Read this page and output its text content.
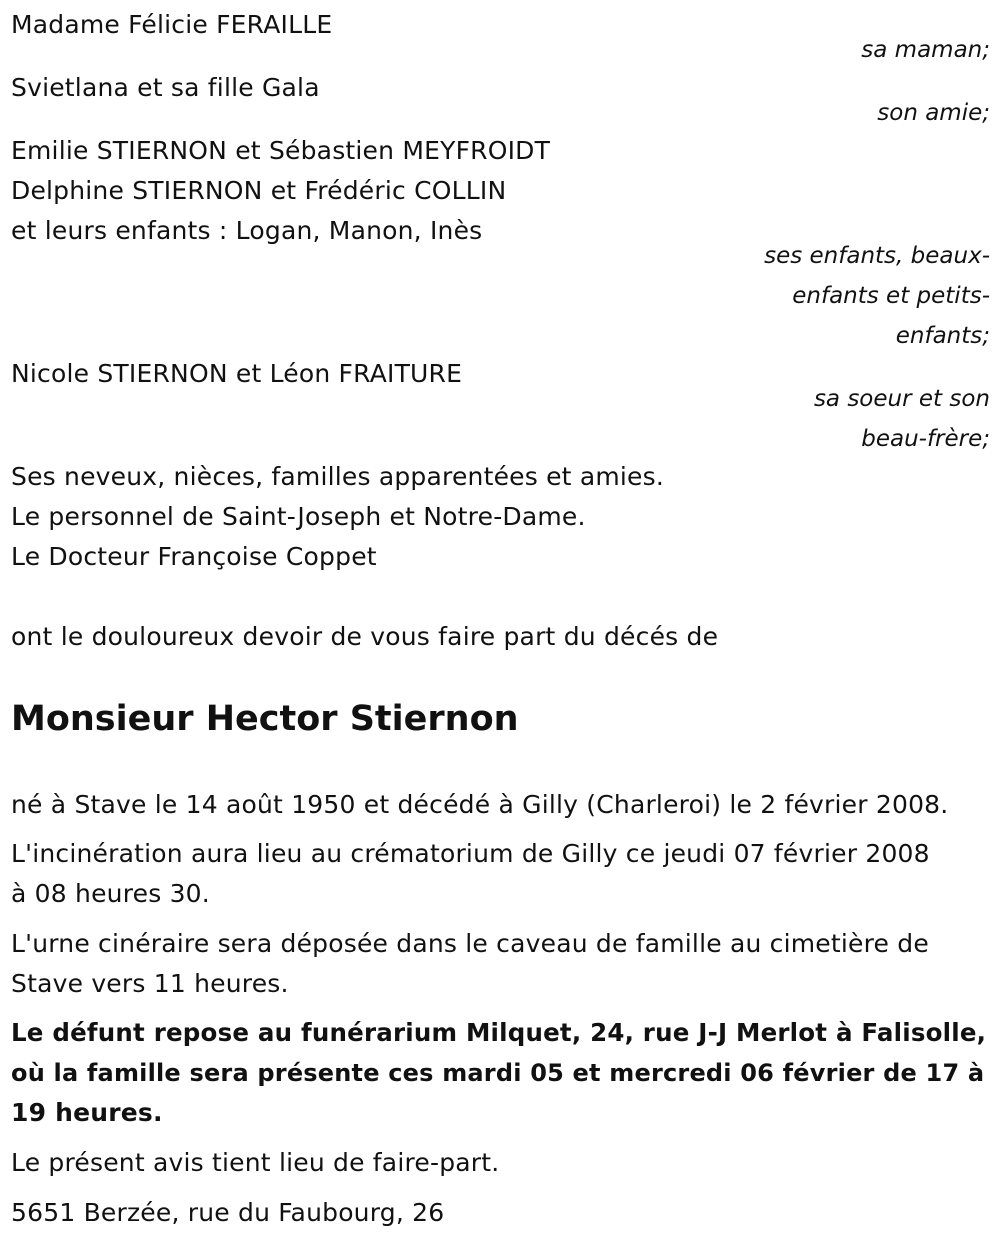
Madame Félicie FERAILLE
sa maman;
Svietlana et sa fille Gala
son amie;
Emilie STIERNON et Sébastien MEYFROIDT
Delphine STIERNON et Frédéric COLLIN
et leurs enfants : Logan, Manon, Inès
ses enfants, beaux-
enfants et petits-
enfants;
Nicole STIERNON et Léon FRAITURE
sa soeur et son
beau-frère;
Ses neveux, nièces, familles apparentées et amies.
Le personnel de Saint-Joseph et Notre-Dame.
Le Docteur Françoise Coppet
ont le douloureux devoir de vous faire part du décés de
Monsieur Hector Stiernon
né à Stave le 14 août 1950 et décédé à Gilly (Charleroi) le 2 février 2008.
L'incinération aura lieu au crématorium de Gilly ce jeudi 07 février 2008
à 08 heures 30.
L'urne cinéraire sera déposée dans le caveau de famille au cimetière de
Stave vers 11 heures.
Le défunt repose au funérarium Milquet, 24, rue J-J Merlot à Falisolle,
où la famille sera présente ces mardi 05 et mercredi 06 février de 17 à
19 heures.
Le présent avis tient lieu de faire-part.
5651 Berzée, rue du Faubourg, 26
